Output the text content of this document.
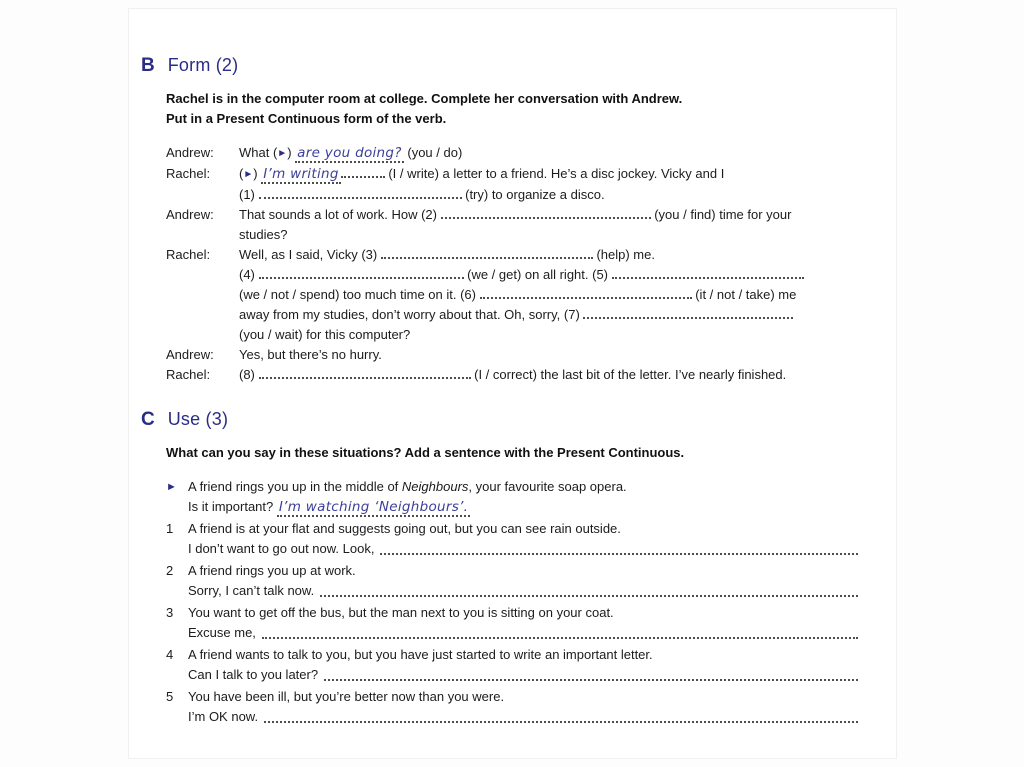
B Form (2)

Rachel is in the computer room at college. Complete her conversation with Andrew.

Put in a Present Continuous form of the verb.

Andrew:	What (►) are you doing? (you / do)
Rachel:	(►) I’m writing	(I / write) a letter to a friend. He’s a disc jockey. Vicky and I
(1)	(try) to organize a disco.
Andrew:	That sounds a lot of work. How (2)	(you / find) time for your
studies?
Rachel:	Well, as I said, Vicky (3)	(help) me.
(4)	(we / get) on all right. (5)
(we / not / spend) too much time on it. (6)	(it / not / take) me
away from my studies, don’t worry about that. Oh, sorry, (7)
(you / wait) for this computer?
Andrew:	Yes, but there’s no hurry.
Rachel:	(8)	(I / correct) the last bit of the letter. I’ve nearly finished.
C Use (3)

What can you say in these situations? Add a sentence with the Present Continuous.

► A friend rings you up in the middle of Neighbours, your favourite soap opera.
Is it important? I’m watching ‘Neighbours’.
1	A friend is at your flat and suggests going out, but you can see rain outside.
I don’t want to go out now. Look,
2	A friend rings you up at work.
Sorry, I can’t talk now.
3	You want to get off the bus, but the man next to you is sitting on your coat.
Excuse me,
4	A friend wants to talk to you, but you have just started to write an important letter.
Can I talk to you later?
5	You have been ill, but you’re better now than you were.
I’m OK now.
